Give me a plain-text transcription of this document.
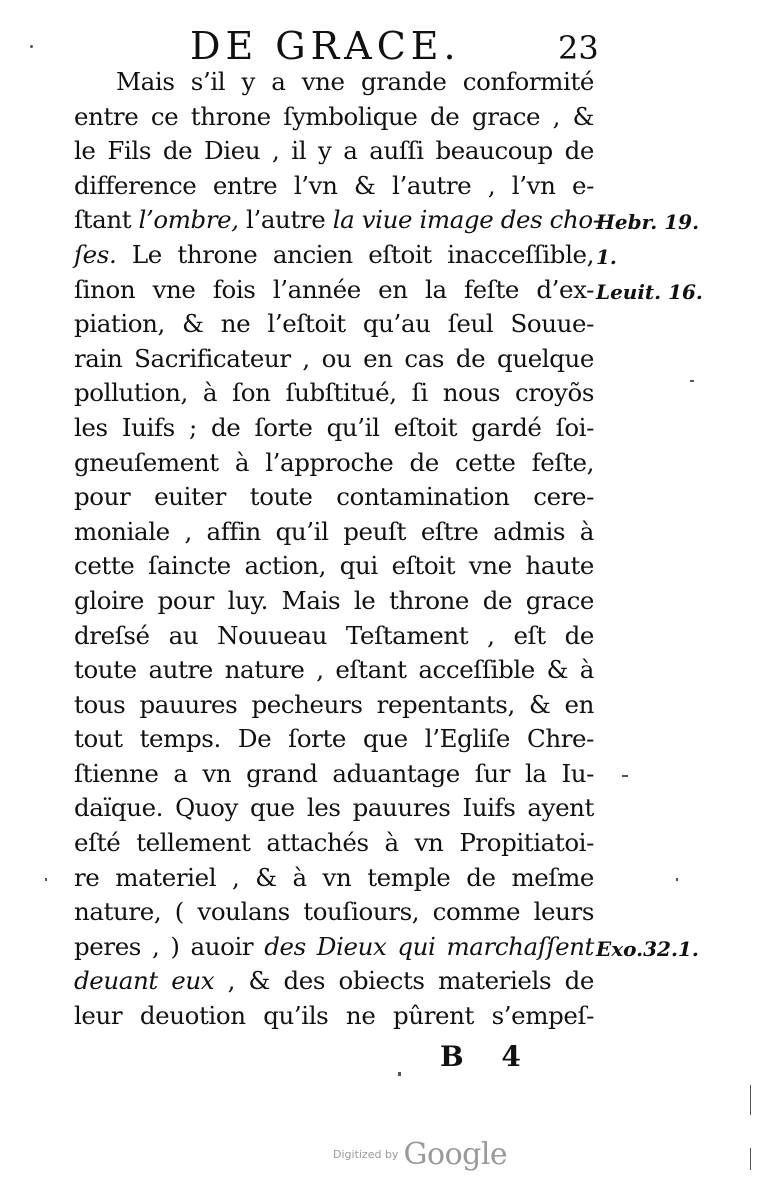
DE GRACE.	23
Mais s’il y a vne grande conformité
entre ce throne ſymbolique de grace , &
le Fils de Dieu , il y a auſſi beaucoup de
difference entre l’vn & l’autre , l’vn e-
ſtant l’ombre, l’autre la viue image des cho-
ſes. Le throne ancien eſtoit inacceſſible,
ſinon vne fois l’année en la feſte d’ex-
piation, & ne l’eſtoit qu’au ſeul Souue-
rain Sacrificateur , ou en cas de quelque
pollution, à ſon ſubſtitué, ſi nous croyõs
les Iuifs ; de ſorte qu’il eſtoit gardé ſoi-
gneuſement à l’approche de cette feſte,
pour euiter toute contamination cere-
moniale , affin qu’il peuſt eſtre admis à
cette ſaincte action, qui eſtoit vne haute
gloire pour luy. Mais le throne de grace
dreſsé au Nouueau Teſtament , eſt de
toute autre nature , eſtant acceſſible & à
tous pauures pecheurs repentants, & en
tout temps. De ſorte que l’Egliſe Chre-
ſtienne a vn grand aduantage ſur la Iu-
daïque. Quoy que les pauures Iuifs ayent
eſté tellement attachés à vn Propitiatoi-
re materiel , & à vn temple de meſme
nature, ( voulans touſiours, comme leurs
peres , ) auoir des Dieux qui marchaſſent
deuant eux , & des obiects materiels de
leur deuotion qu’ils ne pûrent s’empeſ-
Hebr. 19.
1.
Leuit. 16.
Exo.32.1.
B 4
Digitized by Google
